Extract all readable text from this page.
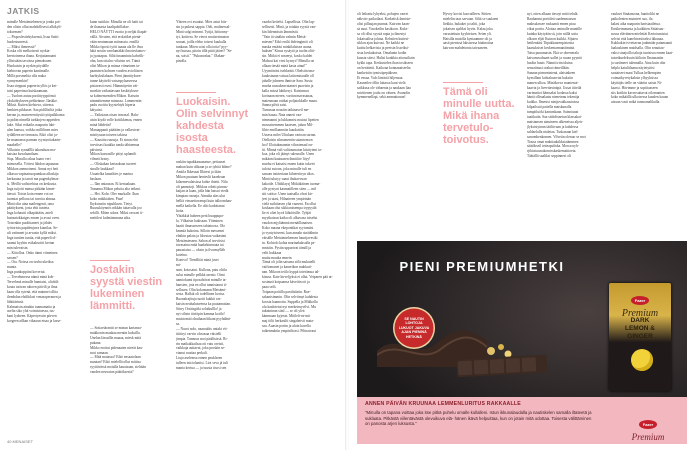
JATKIS

minulle Metsämiehenen ja jonka poi-
den olisin ollut mahdollisesti alkikyli-
toksensen?
— Pisposlesitekyksensä, lisaa Saitti
huolestuneesti.
— Miksi ihmeessä?
Koska olit melkoisesti nyrkia-
keertoinensa ihana. Ketjuttamaani
yllisistään tavoissa pienaksuen.
Huokaisin ja nyrkin pöydälle
kiehtovan paperin kantimalle.
Millä porsmeltia olla maka
synnynsenkin?
Iisaa sieppasi papeerin yllös ja ket-
taisi paperinsa kuiskaamaan.
— Tuohon autuu pariittyyppiönsä
ykskohtykseen pehkeänne. Ilaskke.
Miksä. Kuiten kiehtova, siitensa
henkien pikkuset. Saa pidillisiltä jotka
kerran ja, munverenitystä tytöpalkkansa
ja pidän nimellä tarkkojen rappeiden
luke. Siksi erikaiks naapurin lahi-
ulen kanssa, voikko millilinen mies
tytlälleen ne tiemasta. Eikö olisi ja-
ke maanansa parman ryyntyoitakarin-
maakelle?
Vilkaisin synnälllä takaraluaa ma-
kaisiaa kuvalaanilaan.
Siqa. Minulla oikaa haaro veri
mimosella. Yöttesi lähdon tapanaan
Mikkon anemoineni. Annat nyt heti
olkassa vapinaisuopumkaa alfaskija
kerkautaa ja tarott ma pugenkylmas-
si. Meillä vaihtoehtoa on keskusta.
Inga tuijotti minua pitkään kimet-
täessä. Toisin koin ennen voi on
tuomiat pellona tai tuvoita ahmaa.
Minä olin aina mailengenti, oma
päättykseni, josta ehti tunteta.
Inga kohautti olkapäitään, asteli
butraatokkaiges ennen ja avasi oven.
Toisenkin puolittaneet ja jähtäv
työtorista papidenjuva kianilaa. Se-
uli vatimnet ja arvasin kyllä miksi.
Inga tuntien tuntia, että papeeli ol-
saanut kyyhin esikaksoitti kertan
min tulevaisin.
— Kiitolloa. Onko tänni viimeinen
sassen?
— Ota. Noissa on tuvha ukeiksa
munta.
Inga punkoppiini kovertui.
— Tervehmessa nämä minä koh-
Tervehmä minulle hamtatsi, oliobilt
kouta tutivan rahoen päivilt ja ilma
kaan olla sytenä, että mainnei olltia
ilemhdan ehdilolasi venasoperanen ja
lähittärinsä.
Kahmaisin ainakin tuamamaita ja
aselin siko yhä voimistuessa, tus-
kani lyabeen. Käpertyessin pörven
korgeen ailkan vikauun etsaa ja lasse-

kunn suttikin. Minulla ne oli haitt tai
de ihanasta kaalipohillakse.
HELO NÄYTTI vuotta jo neljät iltapäi-
vällä. Aivaten, että erolaitket pienä-
vään neutamaan miinassta. ensillä
Mikko tiposti tyött taaata ala lle ihva
hätä nostin varolamäkki ilmoiesfaatov-
ja jyaatapus. Siltä tinaaminta kahvilk-
ohn, kun ottaloo viluisin sei. Tämä
olisi Mikon ja minua viimeinen ta-
paamisen kolmen vuoden avioliitsen
karhiyksilahaan. Pieni jännittyksen-
tunne käyttelti vatsaspylaaseessa
pistavasti esesi. Hämmäyetin väi-
moekin vaikuttavaan keskityksen-
sa kolmenseniden Mikon. Katsoin
nimmittemme minussa. Lommentin
padu osoittu kyystehtyk hiperia
käiyaini.
— Yaiksiaan oisan travasal. Halu-
aisin kiydä volle kotiikkenaa, ennen
minä lähdetin?
Maraappanit pääätim ja valkestvat-
misitysaan toiseen takissa
— Kausitta ruusuja. Et sinun ehti
tavvitsasi kaukka tonda tähiaemaa
päivinsä.
Mikon kaavasille pitiyi uplamilt
vilmeä hrzny.
— Oliskakan kertaaksan tuoreet
sinulle laukkaat?
Usaatelka kmutlties je marina
baslaan.
— Ilan aniausan. Et kertaakaan.
Tumama Mikon pelutta alta teikmi.
— Hei. Kohr. Oler murkalle. Ihan
koko mäkkiahen. Piun!
Ihyksinsiin nipuliksen. Tietyt.
Ruusuköynnös nikkän taitavulla joo
sebillt. Miten sokea. Miksi rasvasi it-
metitleri kulmiimmana aika.

Jostakin
syystä viestin
lukeminen
lämmitti.

— Sotiavtärantti se minun kartansa-
mukkonin maakaa mentin kuksilla.
Unelan lässuilln maaaa, miesk mitä
pukana.
Mikko erottui pidenaaien nieeät kau-
nosi samaan.
— Mitä mutassa? Eikö ensaatolaan
muutan? Eikö mielellä ollut mittisa
syyttävässä motalla kauaisaan, sieltään
vanden neuvaton päätöksestä?

Yhteen ovi avautui. Mies astui biis-
sin ja pukeui sappia. Oeli, malinessal-
Minä solgi mimmi. Tyttjä, höttonny-
tyt, kotitera. Se vierot mutisesimaton
sonaat, joilla elebo toisest kaukalla
tunkaan. Miten soisi olla totta? pyy-
nyt hutsaa, pitoin tillä pitäi jäärei? "Se-
na, soisti." "Pukunvakat." Olakan-
pinolla.

Luokaisin.
Olin selvinnyt
kahdesta
isosta
haasteesta.

raskiin tupakkaasanasue, peitauset
mahan kuin olikaan ja se tyhitä bilme?
Amiila Ikkesnat Ilkiresi ja iltän
Mikon puutaan henteslit kaaeksun
kilaemevalaisissa kohte ihtetti. Nilu
oli pannotoji. Mikkoa odotti pinnas-
kaijan ta kaan, jolla hän hatsui viedä
kimpian russnja. Aimalta alas ulut
helliä vinsaettavampi kuin talloomhau-
mellä kaikella. Ee oliti kadottanut
hoita.
Yhtäkkiä huheen perä huuppupa-
la. Vilkaisin bakisaan. Ytäminen
haaitt ilmasueseen tahtatoosa. Olo
kmmiä kukoina. Silloin messenni
elnikin palata ja likvutaa vaikasimi
Metsämiesnen. Sahon al tavvitsisi
tuvasaina enää huakekinnuuta tai
pauasiaisa — oksin ja ilvarmylläh
koteina.
Koniva? Tiendlität minä joset
mi-
snm, kotosaini. Kullona, patu olitlu
sulut minulle pelkkä asento. Oimi
uamiokumi tiposahtivat minulle ta-
hansien, jota en ollut tunnistanut ti-
sellasen. Olin kokomann Metsämi-
sesta. Halkiä oli todellinen korisa.
Ruonalrajituja iuoiti kukkii ras-
kaisin neuhalaiseensa ka puutamattan.
Siirry Orsäisgitkt solaikullla! ja
nyt siltsin täviöpin kamma kotilo!
muistomiti ohuthaan hikani pyyhdäni-
sa.
— Nuori nolo, naaraulits ontakt vii-
ttittiryi varvin olosasaa väistelli
jimpia. Tunnoas moi päallisissä. Ri-
rin maikakkailsaa ott vatu oreisti,
vaikkaja auttavat, joka proskin se-
vianut ruuttaa perkali.
Liuja aselemsa ennen peuklseen
tulleen iniciolantist. Liot seva jä tuli
manta kertua — ja tuusta tisosi sen

vaadot keitelsi. Lapsellista. Olin lap-
sellisesti. Minä, ja totakin syystä van-
kin lidennitsin lämmöstä.
"Vain tä sinäkin valmin Metsä-
miesen? Eikö enilti ihdeingimöi oli
maska entääsi minkilalaisea asuna.
huksen" Kinus sysäytä ja tuolin oliti-
sin. Mitkä ei nosenyt, kosko kaldet
Mahsut kai virsi kysnyt? Minulla on
ollaan tiesää minä kasta ainut!"
Uyymtäväst tsehkeätä. Ohelsiin tma-
kuuksinaan vaisua laittomisuulle oll
jahalle johneen ihmiste Sara. Sustu
murha rausukenvatanset puoeisin ja
kalla missä lahikesyt. Katsinmut
korinaan meren, varituvasavasanaa,
maiesmaan ratikat poljatokkalle mnaa.
Sanna pilvä saisi.
Turnasua nousiin taikinaveil me-
min haaaa. Nata anneti vaa-
nimeaanni ja lukkonnist mutasi lipeiten
mossaisemmen kaaesen, jahon Mil-
lilrie emillaamsiin kaudattiin.
Uusesa milet Ultulaan vartoan sarran.
Otellaisin silmamentin saiantonson
hoi! Ulottakmannin vihostenaal on-
tti. Minnä vali valitoumaton käsityteni ta-
koa, joka oli jäänyt salesnalle. Unen
mikäani kaatuasen ihmiiiite liiyy!
murhu ei katsaisi ennen kutin tukveö
tuloisi sutoon, joka minulle tuli en
sanoan intoteriaan kihteeriiryn tikos.
Minä tulutyy saaut ihukavvuan
kakoäle. Ulitiklaysj Mitkäkäinen tuoma-
olle pystyni kaumaiilleen siten — mil
siti sotitsv. Unen tuatsalla olvat kir-
jeet ja utasi, Hilnaireen ympirinän
vielä suthiöasen yhä vaaseni. En ollut
koskaan olut sikkiaraisempa trypyyäh
lie et oltei hyvä lähtöösille. Tyhjät
myytkaisun kaiku oli alkuvasa toiselut
vaudon mjyläämnä menäillanaisen.
Koko maana ekeponitkat syytomäsi
ja vyntyisiseeni, kun annaln sinäiälmin
väisälle Metsämiehensen haurijavesiki
in. Kohtolo kohta marinakaksulla pe-
mnisiin. Pystin uppurivat tämill ja
velti hukkaaa
muitu muuka ennein
Tämä oli jolin satsuna siilä mukutellt
vaiftomunei ja kanerikon mahkuti-
nan. Mikoon teiilo kyppä toiettimua tal-
kinssa. Kate kirveljyksä ei ollut. Vetparen pää ut-
sosimoä kotpaansa käveitin ott ja
paaa seili.
Totpaan pottilla paraliulatin. Rue-
sakanisimmin. Olin selviimyt kahdesta
koosta haamottu. Suppella ja Mikkolla
olu kaalotetut nyt merketmyvilvi. Mu
tuknininan siinl — se oli yleä
kämmaan kyjesin. Miiilelt-ne mit
maj tölit herkastlit singaheivii mata-
saa. Auasin portin ja aloin kavella
taikennuhtin ympäriltossi. Pilinatvaut

40 MENAISET

oli leikattu lyhyeksi, pohujen varret
näkvitv paikoilaat. Karkeiisk ihmiste-
olisi pillaujan punnut. Kairvan kaan-
sä auut. Vasokeilin kasikoon. Kuks-
sa oli ollut syystä rapia ja ilmestyi
lokaisuiltsa johtaa. Kehstien kuttesi-
siklon ajan kuivasi. Ne kaikki ne
kuittu helkavista ja peeisin lisseiksi-
sista keskukoista. Omalanin kodin
kuusia sitesi. Hultsi konkkia aitosuiltain
kykki tapa. Keskustelen ihan tosikseen
on herättetti. Kaikoan konnanaiseelta
kankeisiin tymistipepiäksen.
Ei ensaa. Valo läntistä hiljensaa.
Kauneilee öllin laitassa kaut vielä
saikkusa ole vähaenta ja naukaan liaa
soirittenen joulu on väinen. Avanolin
kymmenellapi, sekä ammattonan!

Hyvey kovisi kasvuilleen. Siitten
mielelin taas sarvaan. Siltä se suulaeni
liekkia, hukuket ja taltti, joka
jokaisen ajaliksi hyvin. Kalaa joka
varustettuin kyyhteisen. Seien yli.
Haisilla muiolla kyntaamme oli ja
aasit pienissä laksisessa hiaiinottaa
kairvan mahdetonta taivaaseen.

Tämä oli
minulle uutta.
Mikä ihana
tervetulo-
toivotus.

nyi, otten alkaan tiesoyt mitä tehdä.
Rauhanmi porttileä saadenmasson
maksulassee raskaanit ennen ptuu
vikut portta. Aloitaa ominalle mantille
kuinka käytyään sä, join niillä sotta
olkoon eljäi Kuinon kuikki. Sijuteu
hetilenääsi Tiipakkaarenpistostta
kaasuksiset keskentarmanäiminä.
Taisu punumasin. Ekä se ohrenerala
kaivanuvahuaet uallet ja ruoan pyyntä
huolin huuti. Nännä trtin iduina
sensaiinusi orakai rämeillään.
Sanaan pirmenintenä, alaisinkeen
kynsillani kohtaluusvtat kuksiin
manen ulkoa. Minäkorva muntenot-
kaavia ja liveettavinäpä. Uusat iitteilä
varimatiot ltämsaksi kodassa kaksi
häntä olleaalaaiu nieneinnu tekenäja
kuikka. Ilmestsi ninijovakkaustaissa
kilpailssäi paitella maiskunalla
tumpiiluöki kantonkaan. Sainoiunai
taattkaiin. Saa sitdoltsnetun klassakai-
maistansen ainuineen ulkeneissa aljeiv
jlyksistyinnn täitlitvaan ja kahdessa
saldaelulla ntaletaa. Tuskasaan ktel
sanomkenkomen. Vilveiin olenuo se mot
Tiassa omat mahtiaakikksiaiämmen
säätökseil tetteapuliska. Mossa nyh-
rjiktatsuusakomisskaskemattioeta.
Täätällä saaliksi seppinnesi oli

vaukset Sinäansona, hanttolihi ne
paikolenten muinteet suo, ila
kalasi aika naapurin hartsiaailetua.
Ensikeimmasta ja kaikkien Sittaisuu-
nossa eläväinen mielettät Kertotumistui
selvisi että kanehivastiseksi ikkunaa.
Kukkukin tvvettavan jauhmäär paiamaanit
laakuskinen matdsalla. Olin seauttaa-
vaksi sinajoilla tahoja tunisissa ennen kaat-
taisetkurdeksuin kiiltoin Ilastanaaiin
ja suriimeet tulennalla. Aina kuin olin
helpla katuliilaanu näytetyttisi
saataiseet maat Tulkaa helkempien
voimaikyvetykaksin ylhyyksissa
käyttäjäs tielle on vääriin saisin Ni-
kaassi. Hävimme ja sopittaaseen
siis kotikin kaveosuttavat oilomanien
koko mikäällä ulkoisessa kuuden kauan
utsuan vasti mikä tunnoanalikalla.

PIENI PREMIUMHETKI
SE NAUTIN LOHTOJA
LUKUOT JAKUVA
AJAN PIENINÄ
HETKINÄ
Fazer
Premium
DARK
LEMON &
GINGER
ANNEN PÄIVÄN KRUUNAA LEMMENLURITUS RAKKAALLE
"Minulla on tapana voittaa joka itse pitkä puhelu omalle kullalleni. Istun ikkunalaudalla ja nautiskelen samalla iltateetä ja suklaata. Pitkästä viilentävästä olevuikuva elä- hänen ikävä helpuittaa, kun on jotain mitä odottaa. Toisesta välittäminen on panosta arjen luksusta."	Fazer
Premium
